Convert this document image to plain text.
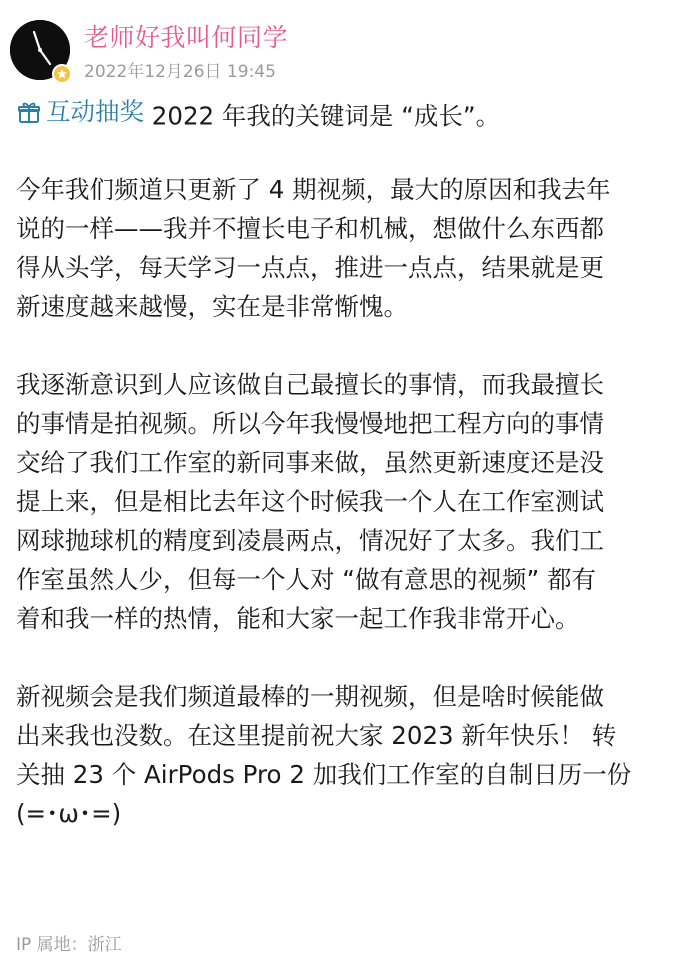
老师好我叫何同学
2022年12月26日 19:45
互动抽奖 2022 年我的关键词是 “成长”。
今年我们频道只更新了 4 期视频，最大的原因和我去年
说的一样——我并不擅长电子和机械，想做什么东西都
得从头学，每天学习一点点，推进一点点，结果就是更
新速度越来越慢，实在是非常惭愧。
我逐渐意识到人应该做自己最擅长的事情，而我最擅长
的事情是拍视频。所以今年我慢慢地把工程方向的事情
交给了我们工作室的新同事来做，虽然更新速度还是没
提上来，但是相比去年这个时候我一个人在工作室测试
网球抛球机的精度到凌晨两点，情况好了太多。我们工
作室虽然人少，但每一个人对 “做有意思的视频” 都有
着和我一样的热情，能和大家一起工作我非常开心。
新视频会是我们频道最棒的一期视频，但是啥时候能做
出来我也没数。在这里提前祝大家 2023 新年快乐！ 转
关抽 23 个 AirPods Pro 2 加我们工作室的自制日历一份
(=･ω･=)
IP 属地：浙江
